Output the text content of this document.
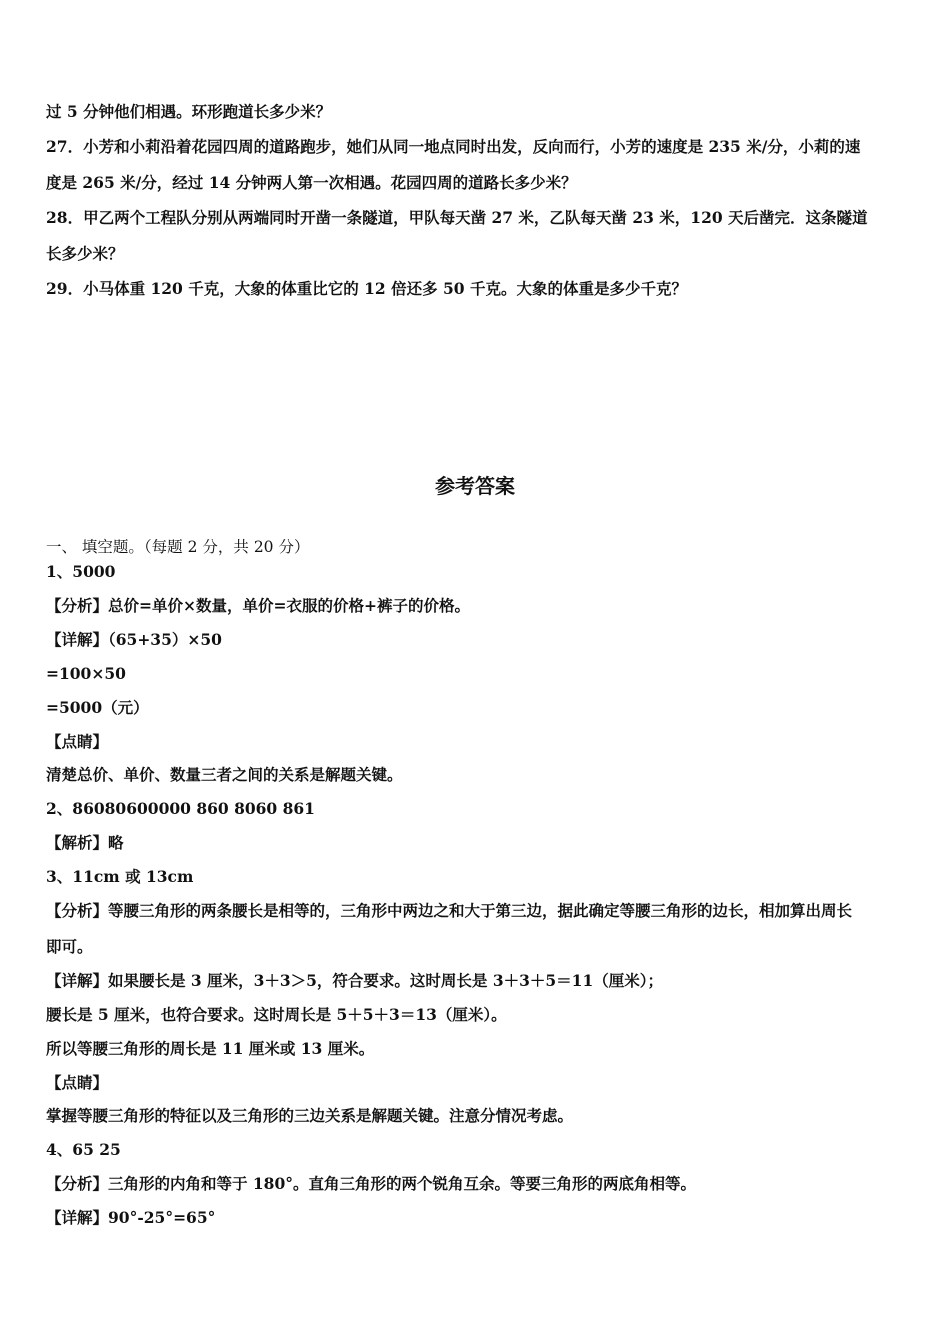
过 5 分钟他们相遇。环形跑道长多少米？
27．小芳和小莉沿着花园四周的道路跑步，她们从同一地点同时出发，反向而行，小芳的速度是 235 米/分，小莉的速
度是 265 米/分，经过 14 分钟两人第一次相遇。花园四周的道路长多少米？
28．甲乙两个工程队分别从两端同时开凿一条隧道，甲队每天凿 27 米，乙队每天凿 23 米，120 天后凿完．这条隧道
长多少米？
29．小马体重 120 千克，大象的体重比它的 12 倍还多 50 千克。大象的体重是多少千克？
参考答案
一、 填空题。（每题 2 分，共 20 分）
1、5000
【分析】总价=单价×数量，单价=衣服的价格+裤子的价格。
【详解】（65+35）×50
=100×50
=5000（元）
【点睛】
清楚总价、单价、数量三者之间的关系是解题关键。
2、86080600000 860 8060 861
【解析】略
3、11cm 或 13cm
【分析】等腰三角形的两条腰长是相等的，三角形中两边之和大于第三边，据此确定等腰三角形的边长，相加算出周长
即可。
【详解】如果腰长是 3 厘米，3＋3＞5，符合要求。这时周长是 3＋3＋5＝11（厘米）；
腰长是 5 厘米，也符合要求。这时周长是 5＋5＋3＝13（厘米）。
所以等腰三角形的周长是 11 厘米或 13 厘米。
【点睛】
掌握等腰三角形的特征以及三角形的三边关系是解题关键。注意分情况考虑。
4、65 25
【分析】三角形的内角和等于 180°。直角三角形的两个锐角互余。等要三角形的两底角相等。
【详解】90°-25°=65°
